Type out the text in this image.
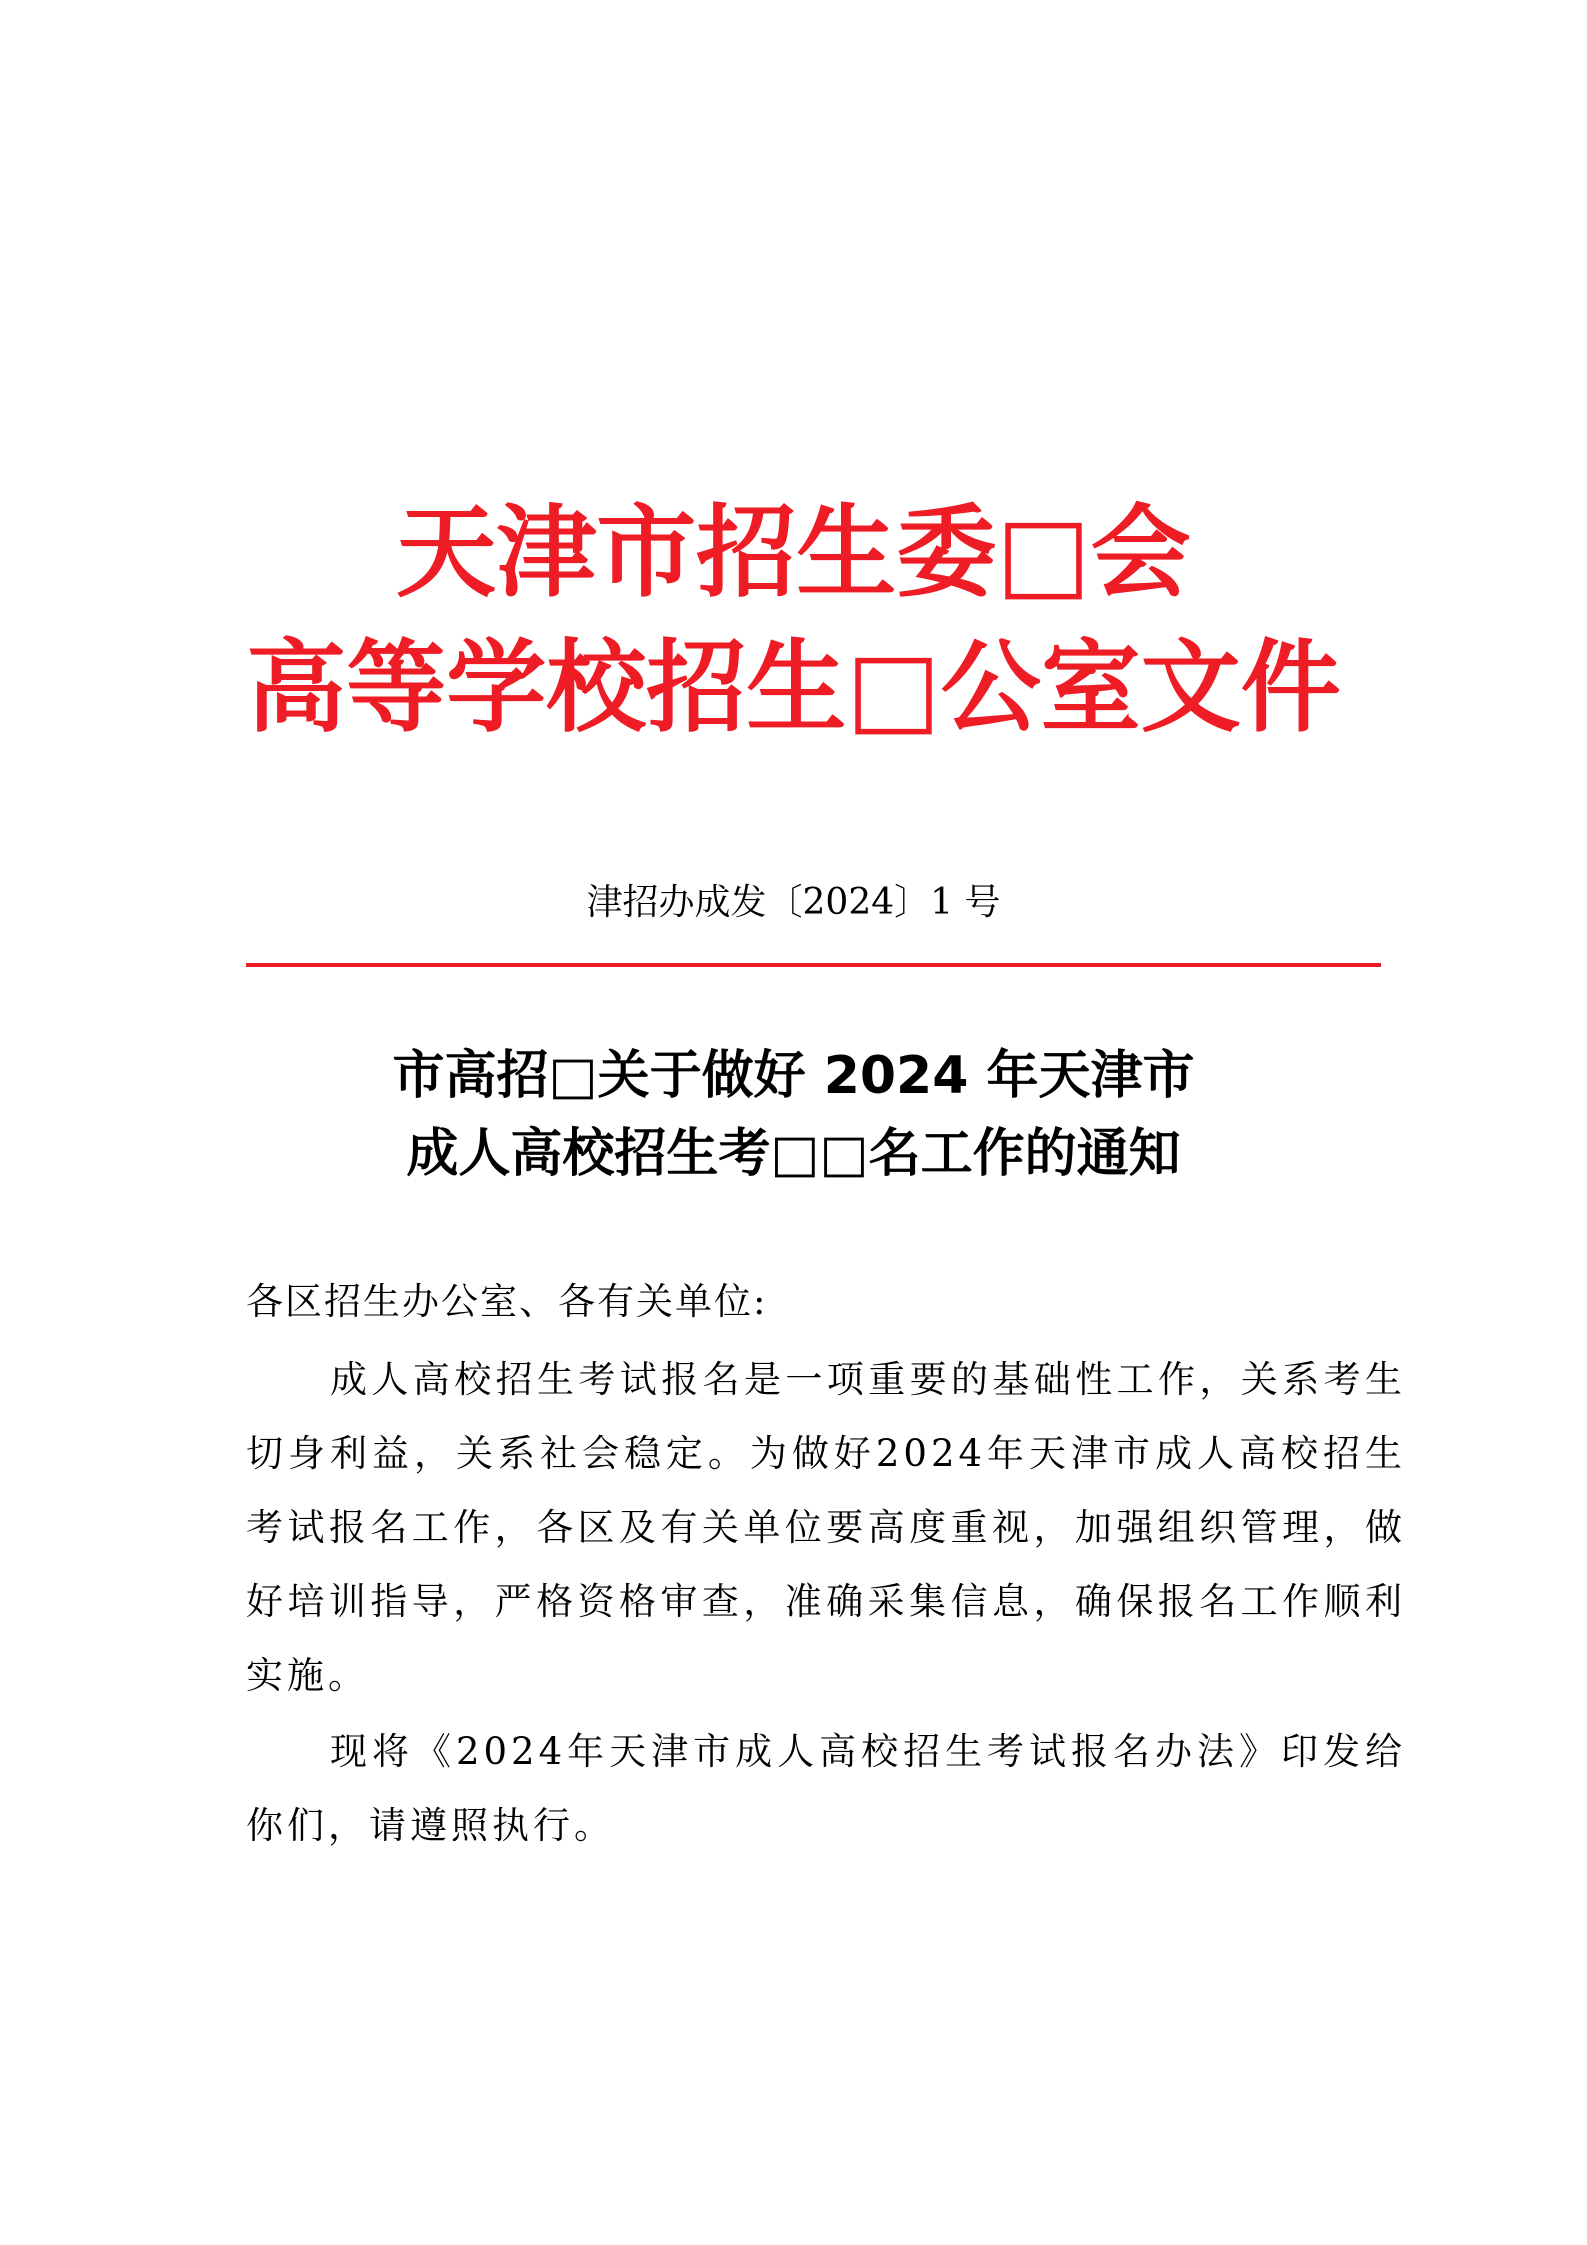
天津市招生委□会
高等学校招生□公室文件
津招办成发〔2024〕1 号
市高招□关于做好 2024 年天津市
成人高校招生考□□名工作的通知
各区招生办公室、各有关单位:
成人高校招生考试报名是一项重要的基础性工作，关系考生切身利益，关系社会稳定。为做好2024年天津市成人高校招生考试报名工作，各区及有关单位要高度重视，加强组织管理，做好培训指导，严格资格审查，准确采集信息，确保报名工作顺利实施。
现将《2024年天津市成人高校招生考试报名办法》印发给你们，请遵照执行。
